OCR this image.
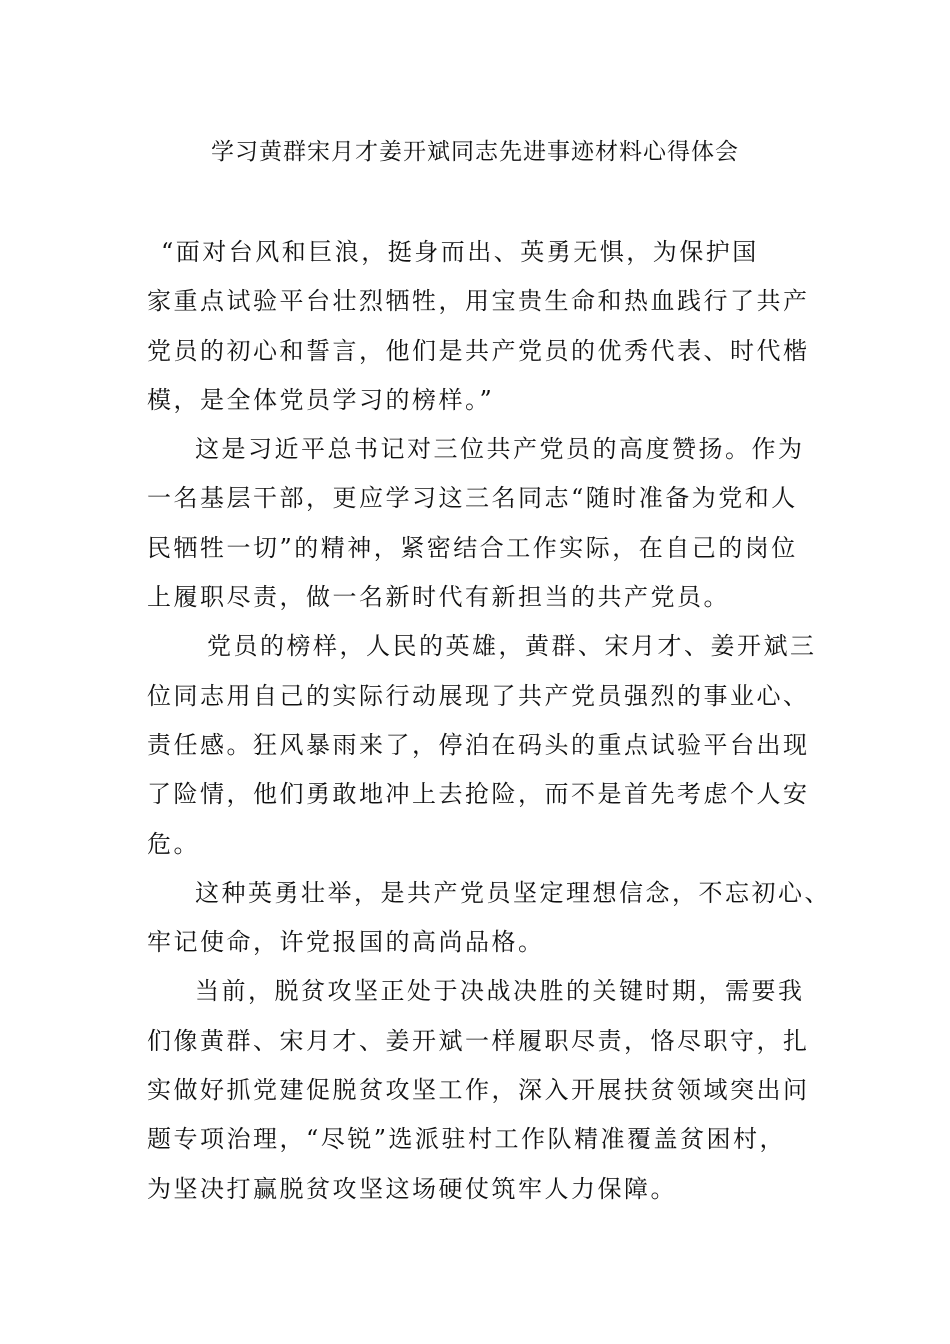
学习黄群宋月才姜开斌同志先进事迹材料心得体会
“面对台风和巨浪，挺身而出、英勇无惧，为保护国
家重点试验平台壮烈牺牲，用宝贵生命和热血践行了共产
党员的初心和誓言，他们是共产党员的优秀代表、时代楷
模，是全体党员学习的榜样。”
这是习近平总书记对三位共产党员的高度赞扬。作为
一名基层干部，更应学习这三名同志“随时准备为党和人
民牺牲一切”的精神，紧密结合工作实际，在自己的岗位
上履职尽责，做一名新时代有新担当的共产党员。
党员的榜样，人民的英雄，黄群、宋月才、姜开斌三
位同志用自己的实际行动展现了共产党员强烈的事业心、
责任感。狂风暴雨来了，停泊在码头的重点试验平台出现
了险情，他们勇敢地冲上去抢险，而不是首先考虑个人安
危。
这种英勇壮举，是共产党员坚定理想信念，不忘初心、
牢记使命，许党报国的高尚品格。
当前，脱贫攻坚正处于决战决胜的关键时期，需要我
们像黄群、宋月才、姜开斌一样履职尽责，恪尽职守，扎
实做好抓党建促脱贫攻坚工作，深入开展扶贫领域突出问
题专项治理，“尽锐”选派驻村工作队精准覆盖贫困村，
为坚决打赢脱贫攻坚这场硬仗筑牢人力保障。
